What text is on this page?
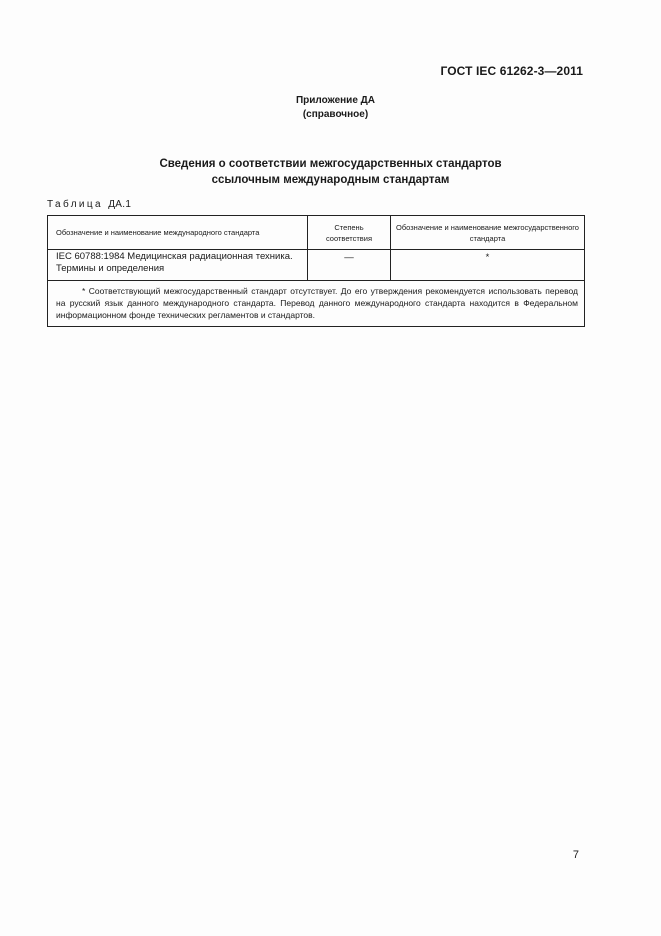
ГОСТ IEC 61262-3—2011
Приложение ДА
(справочное)
Сведения о соответствии межгосударственных стандартов
ссылочным международным стандартам
Таблица ДА.1
Обозначение и наименование международного стандарта	Степень соответствия	Обозначение и наименование межгосударственного стандарта
IEC 60788:1984 Медицинская радиационная техника. Термины и определения	—	*
* Соответствующий межгосударственный стандарт отсутствует. До его утверждения рекомендуется использовать перевод на русский язык данного международного стандарта. Перевод данного международного стандарта находится в Федеральном информационном фонде технических регламентов и стандартов.		
7
